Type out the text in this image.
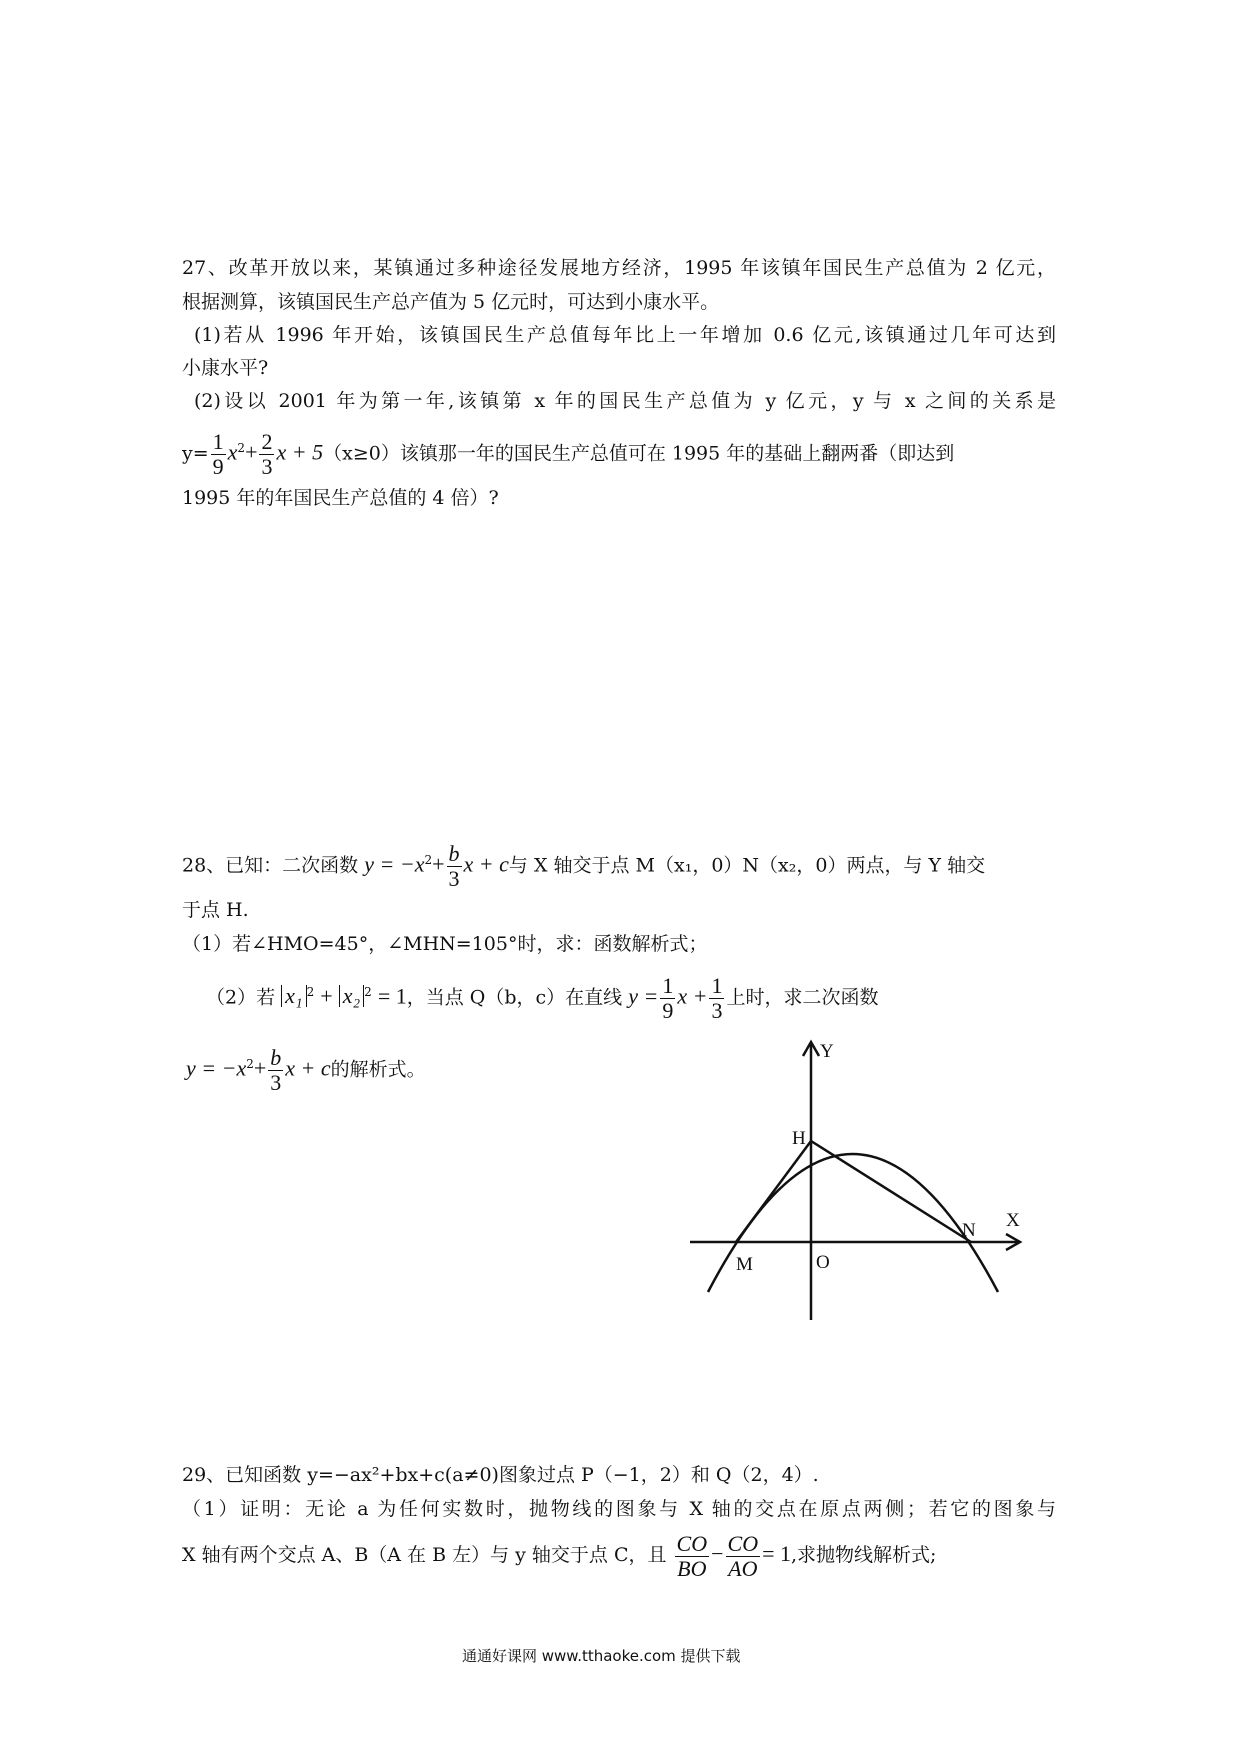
27、改革开放以来，某镇通过多种途径发展地方经济，1995 年该镇年国民生产总值为 2 亿元，
根据测算，该镇国民生产总产值为 5 亿元时，可达到小康水平。
(1)若从 1996 年开始，该镇国民生产总值每年比上一年增加 0.6 亿元,该镇通过几年可达到
小康水平?
(2)设以 2001 年为第一年,该镇第 x 年的国民生产总值为 y 亿元，y 与 x 之间的关系是
$y= \frac{1}{9} x^2+ \frac{2}{3}$ x + 5（x≥0）该镇那一年的国民生产总值可在 1995 年的基础上翻两番（即达到
1995 年的年国民生产总值的 4 倍）?
28、已知：二次函数 $y = -x^2+ \frac{b}{3}$ x + c与 X 轴交于点 M（x₁，0）N（x₂，0）两点，与 Y 轴交
于点 H.
（1）若∠HMO=45°，∠MHN=105°时，求：函数解析式；
（2）若 x₁ $^2$ + x₂ $^2$ = 1，当点 Q（b，c）在直线 $y = \frac{1}{9}$ $x + \frac{1}{3}$ 上时，求二次函数
$y = -x^2+ \frac{b}{3}$ x + c的解析式。
Y
X
H
N
M	O
29、已知函数 y=−ax²+bx+c(a≠0)图象过点 P（−1，2）和 Q（2，4）.
（1）证明：无论 a 为任何实数时，抛物线的图象与 X 轴的交点在原点两侧；若它的图象与
X 轴有两个交点 A、B（A 在 B 左）与 y 轴交于点 C，且 $\frac{CO}{BO} - \frac{CO}{AO} = 1$,求抛物线解析式;
通通好课网 www.tthaoke.com 提供下载
